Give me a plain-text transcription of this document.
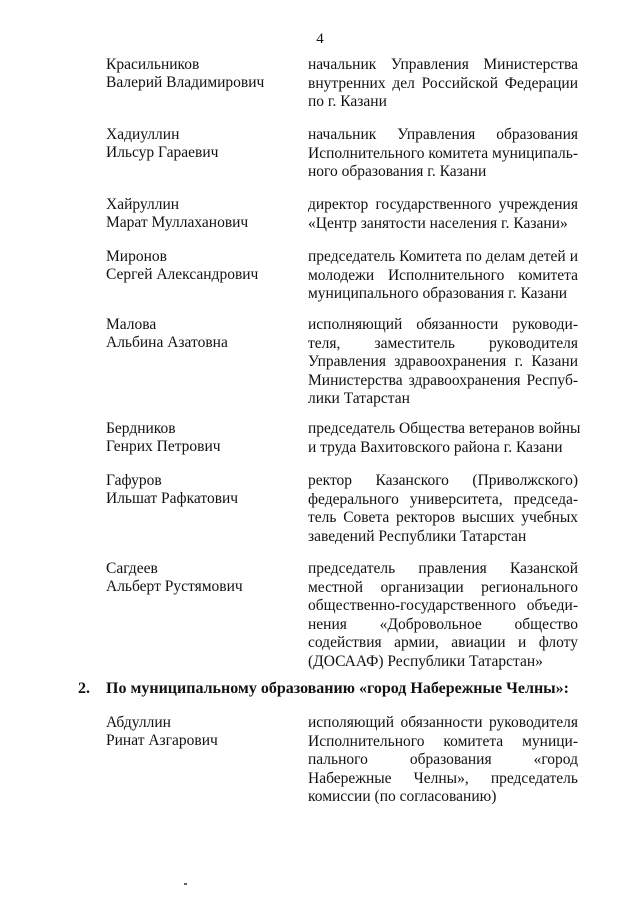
4
Красильников
Валерий Владимирович
начальник Управления Министерства
внутренних дел Российской Федерации
по г. Казани
Хадиуллин
Ильсур Гараевич
начальник Управления образования
Исполнительного комитета муниципаль-
ного образования г. Казани
Хайруллин
Марат Муллаханович
директор государственного учреждения
«Центр занятости населения г. Казани»
Миронов
Сергей Александрович
председатель Комитета по делам детей и
молодежи Исполнительного комитета
муниципального образования г. Казани
Малова
Альбина Азатовна
исполняющий обязанности руководи-
теля, заместитель руководителя
Управления здравоохранения г. Казани
Министерства здравоохранения Респуб-
лики Татарстан
Бердников
Генрих Петрович
председатель Общества ветеранов войны
и труда Вахитовского района г. Казани
Гафуров
Ильшат Рафкатович
ректор Казанского (Приволжского)
федерального университета, председа-
тель Совета ректоров высших учебных
заведений Республики Татарстан
Сагдеев
Альберт Рустямович
председатель правления Казанской
местной организации регионального
общественно-государственного объеди-
нения «Добровольное общество
содействия армии, авиации и флоту
(ДОСААФ) Республики Татарстан»
2. По муниципальному образованию «город Набережные Челны»:
Абдуллин
Ринат Азгарович
исполяющий обязанности руководителя
Исполнительного комитета муници-
пального образования «город
Набережные Челны», председатель
комиссии (по согласованию)
